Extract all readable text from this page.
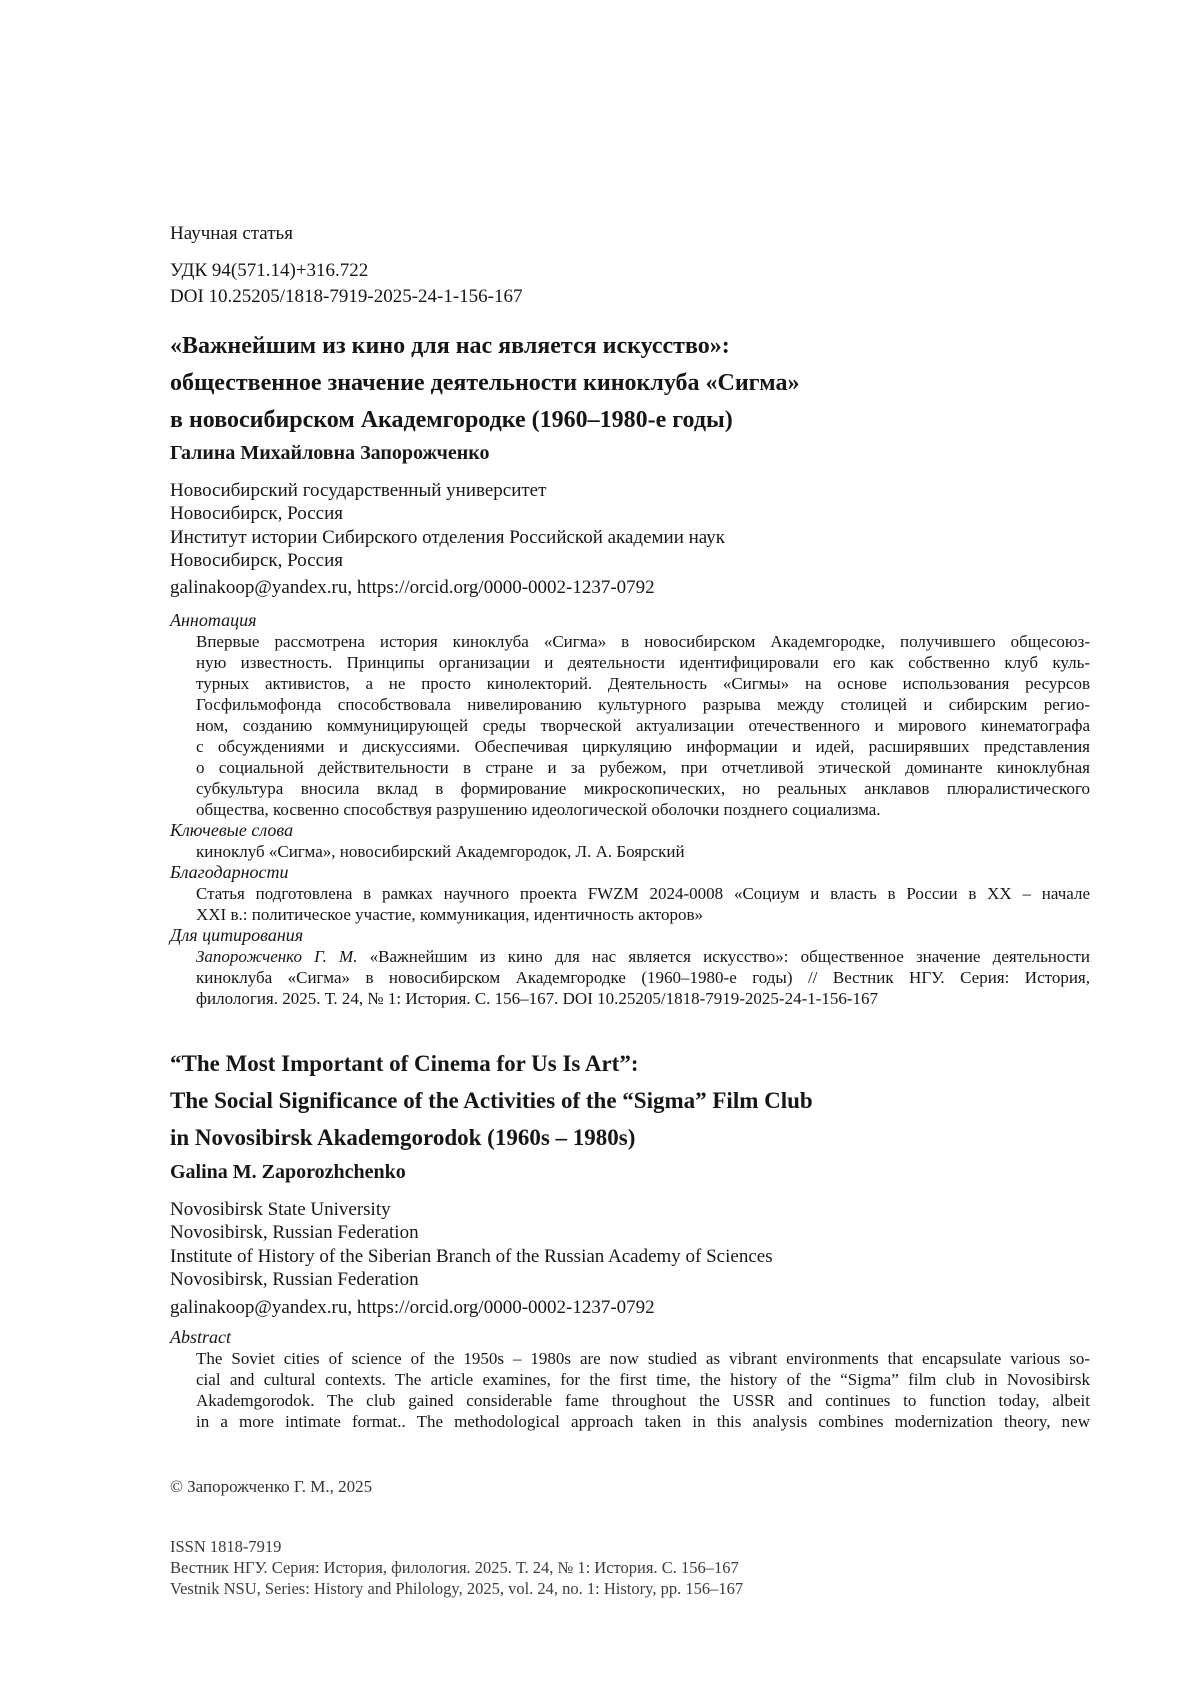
Научная статья
УДК 94(571.14)+316.722
DOI 10.25205/1818-7919-2025-24-1-156-167
«Важнейшим из кино для нас является искусство»:
общественное значение деятельности киноклуба «Сигма»
в новосибирском Академгородке (1960–1980-е годы)
Галина Михайловна Запорожченко
Новосибирский государственный университет
Новосибирск, Россия
Институт истории Сибирского отделения Российской академии наук
Новосибирск, Россия
galinakoop@yandex.ru, https://orcid.org/0000-0002-1237-0792
Аннотация
Впервые рассмотрена история киноклуба «Сигма» в новосибирском Академгородке, получившего общесоюз-
ную известность. Принципы организации и деятельности идентифицировали его как собственно клуб куль-
турных активистов, а не просто кинолекторий. Деятельность «Сигмы» на основе использования ресурсов
Госфильмофонда способствовала нивелированию культурного разрыва между столицей и сибирским регио-
ном, созданию коммуницирующей среды творческой актуализации отечественного и мирового кинематографа
с обсуждениями и дискуссиями. Обеспечивая циркуляцию информации и идей, расширявших представления
о социальной действительности в стране и за рубежом, при отчетливой этической доминанте киноклубная
субкультура вносила вклад в формирование микроскопических, но реальных анклавов плюралистического
общества, косвенно способствуя разрушению идеологической оболочки позднего социализма.
Ключевые слова
киноклуб «Сигма», новосибирский Академгородок, Л. А. Боярский
Благодарности
Статья подготовлена в рамках научного проекта FWZM 2024-0008 «Социум и власть в России в XX – начале
XXI в.: политическое участие, коммуникация, идентичность акторов»
Для цитирования
Запорожченко Г. М. «Важнейшим из кино для нас является искусство»: общественное значение деятельности
киноклуба «Сигма» в новосибирском Академгородке (1960–1980-е годы) // Вестник НГУ. Серия: История,
филология. 2025. Т. 24, № 1: История. С. 156–167. DOI 10.25205/1818-7919-2025-24-1-156-167
“The Most Important of Cinema for Us Is Art”:
The Social Significance of the Activities of the “Sigma” Film Club
in Novosibirsk Akademgorodok (1960s – 1980s)
Galina M. Zaporozhchenko
Novosibirsk State University
Novosibirsk, Russian Federation
Institute of History of the Siberian Branch of the Russian Academy of Sciences
Novosibirsk, Russian Federation
galinakoop@yandex.ru, https://orcid.org/0000-0002-1237-0792
Abstract
The Soviet cities of science of the 1950s – 1980s are now studied as vibrant environments that encapsulate various so-
cial and cultural contexts. The article examines, for the first time, the history of the “Sigma” film club in Novosibirsk
Akademgorodok. The club gained considerable fame throughout the USSR and continues to function today, albeit
in a more intimate format.. The methodological approach taken in this analysis combines modernization theory, new
© Запорожченко Г. М., 2025
ISSN 1818-7919
Вестник НГУ. Серия: История, филология. 2025. Т. 24, № 1: История. С. 156–167
Vestnik NSU, Series: History and Philology, 2025, vol. 24, no. 1: History, pp. 156–167
